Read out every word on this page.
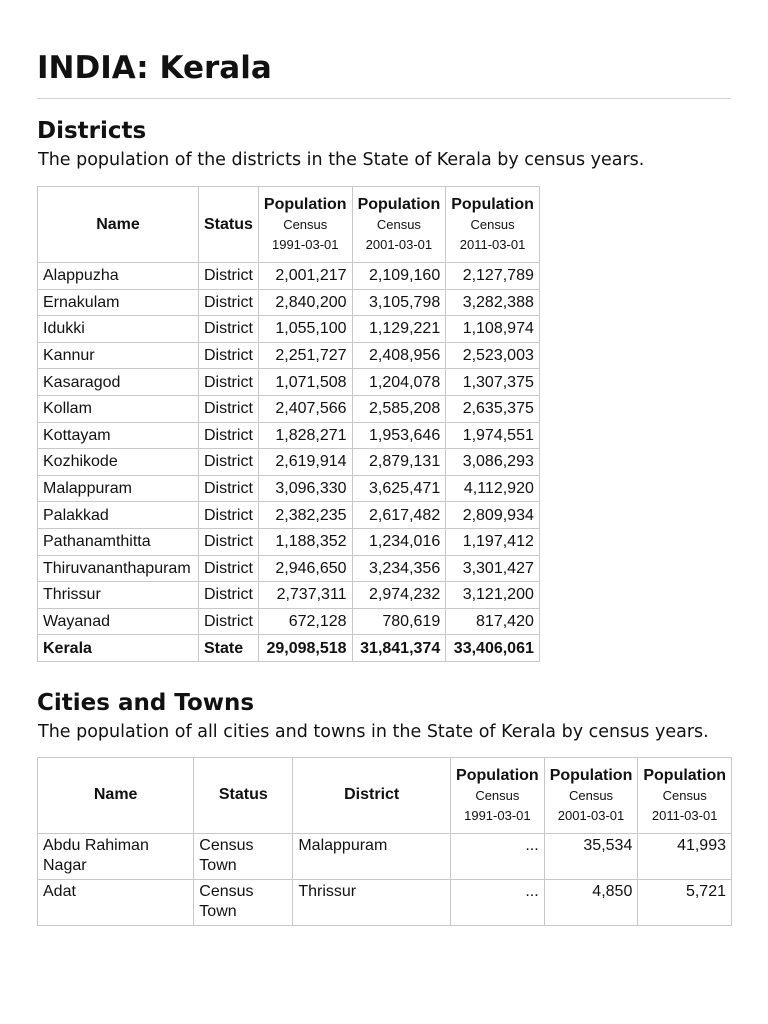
INDIA: Kerala
Districts

The population of the districts in the State of Kerala by census years.

Name	Status	Population
Census
1991-03-01	Population
Census
2001-03-01	Population
Census
2011-03-01

Alappuzha	District	2,001,217	2,109,160	2,127,789
Ernakulam	District	2,840,200	3,105,798	3,282,388
Idukki	District	1,055,100	1,129,221	1,108,974
Kannur	District	2,251,727	2,408,956	2,523,003
Kasaragod	District	1,071,508	1,204,078	1,307,375
Kollam	District	2,407,566	2,585,208	2,635,375
Kottayam	District	1,828,271	1,953,646	1,974,551
Kozhikode	District	2,619,914	2,879,131	3,086,293
Malappuram	District	3,096,330	3,625,471	4,112,920
Palakkad	District	2,382,235	2,617,482	2,809,934
Pathanamthitta	District	1,188,352	1,234,016	1,197,412
Thiruvananthapuram	District	2,946,650	3,234,356	3,301,427
Thrissur	District	2,737,311	2,974,232	3,121,200
Wayanad	District	672,128	780,619	817,420
Kerala	State	29,098,518	31,841,374	33,406,061
Cities and Towns

The population of all cities and towns in the State of Kerala by census years.

Name	Status	District	Population
Census
1991-03-01	Population
Census
2001-03-01	Population
Census
2011-03-01

Abdu Rahiman Nagar	Census Town	Malappuram	...	35,534	41,993
Adat	Census Town	Thrissur	...	4,850	5,721
